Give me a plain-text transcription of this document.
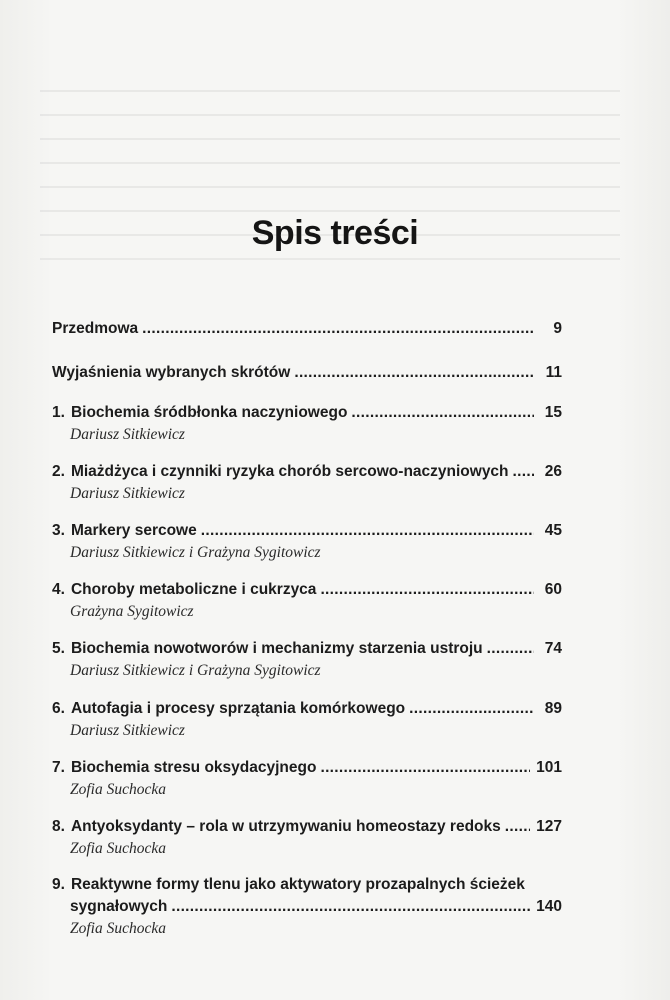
Spis treści
Przedmowa . . .	9
Wyjaśnienia wybranych skrótów . . .	11
1. Biochemia śródbłonka naczyniowego . . .	15
Dariusz Sitkiewicz
2. Miażdżyca i czynniki ryzyka chorób sercowo-naczyniowych . . .	26
Dariusz Sitkiewicz
3. Markery sercowe . . .	45
Dariusz Sitkiewicz i Grażyna Sygitowicz
4. Choroby metaboliczne i cukrzyca . . .	60
Grażyna Sygitowicz
5. Biochemia nowotworów i mechanizmy starzenia ustroju . . .	74
Dariusz Sitkiewicz i Grażyna Sygitowicz
6. Autofagia i procesy sprzątania komórkowego . . .	89
Dariusz Sitkiewicz
7. Biochemia stresu oksydacyjnego . . .	101
Zofia Suchocka
8. Antyoksydanty – rola w utrzymywaniu homeostazy redoks . . . 127
Zofia Suchocka
9. Reaktywne formy tlenu jako aktywatory prozapalnych ścieżek
sygnałowych . . .	140
Zofia Suchocka
